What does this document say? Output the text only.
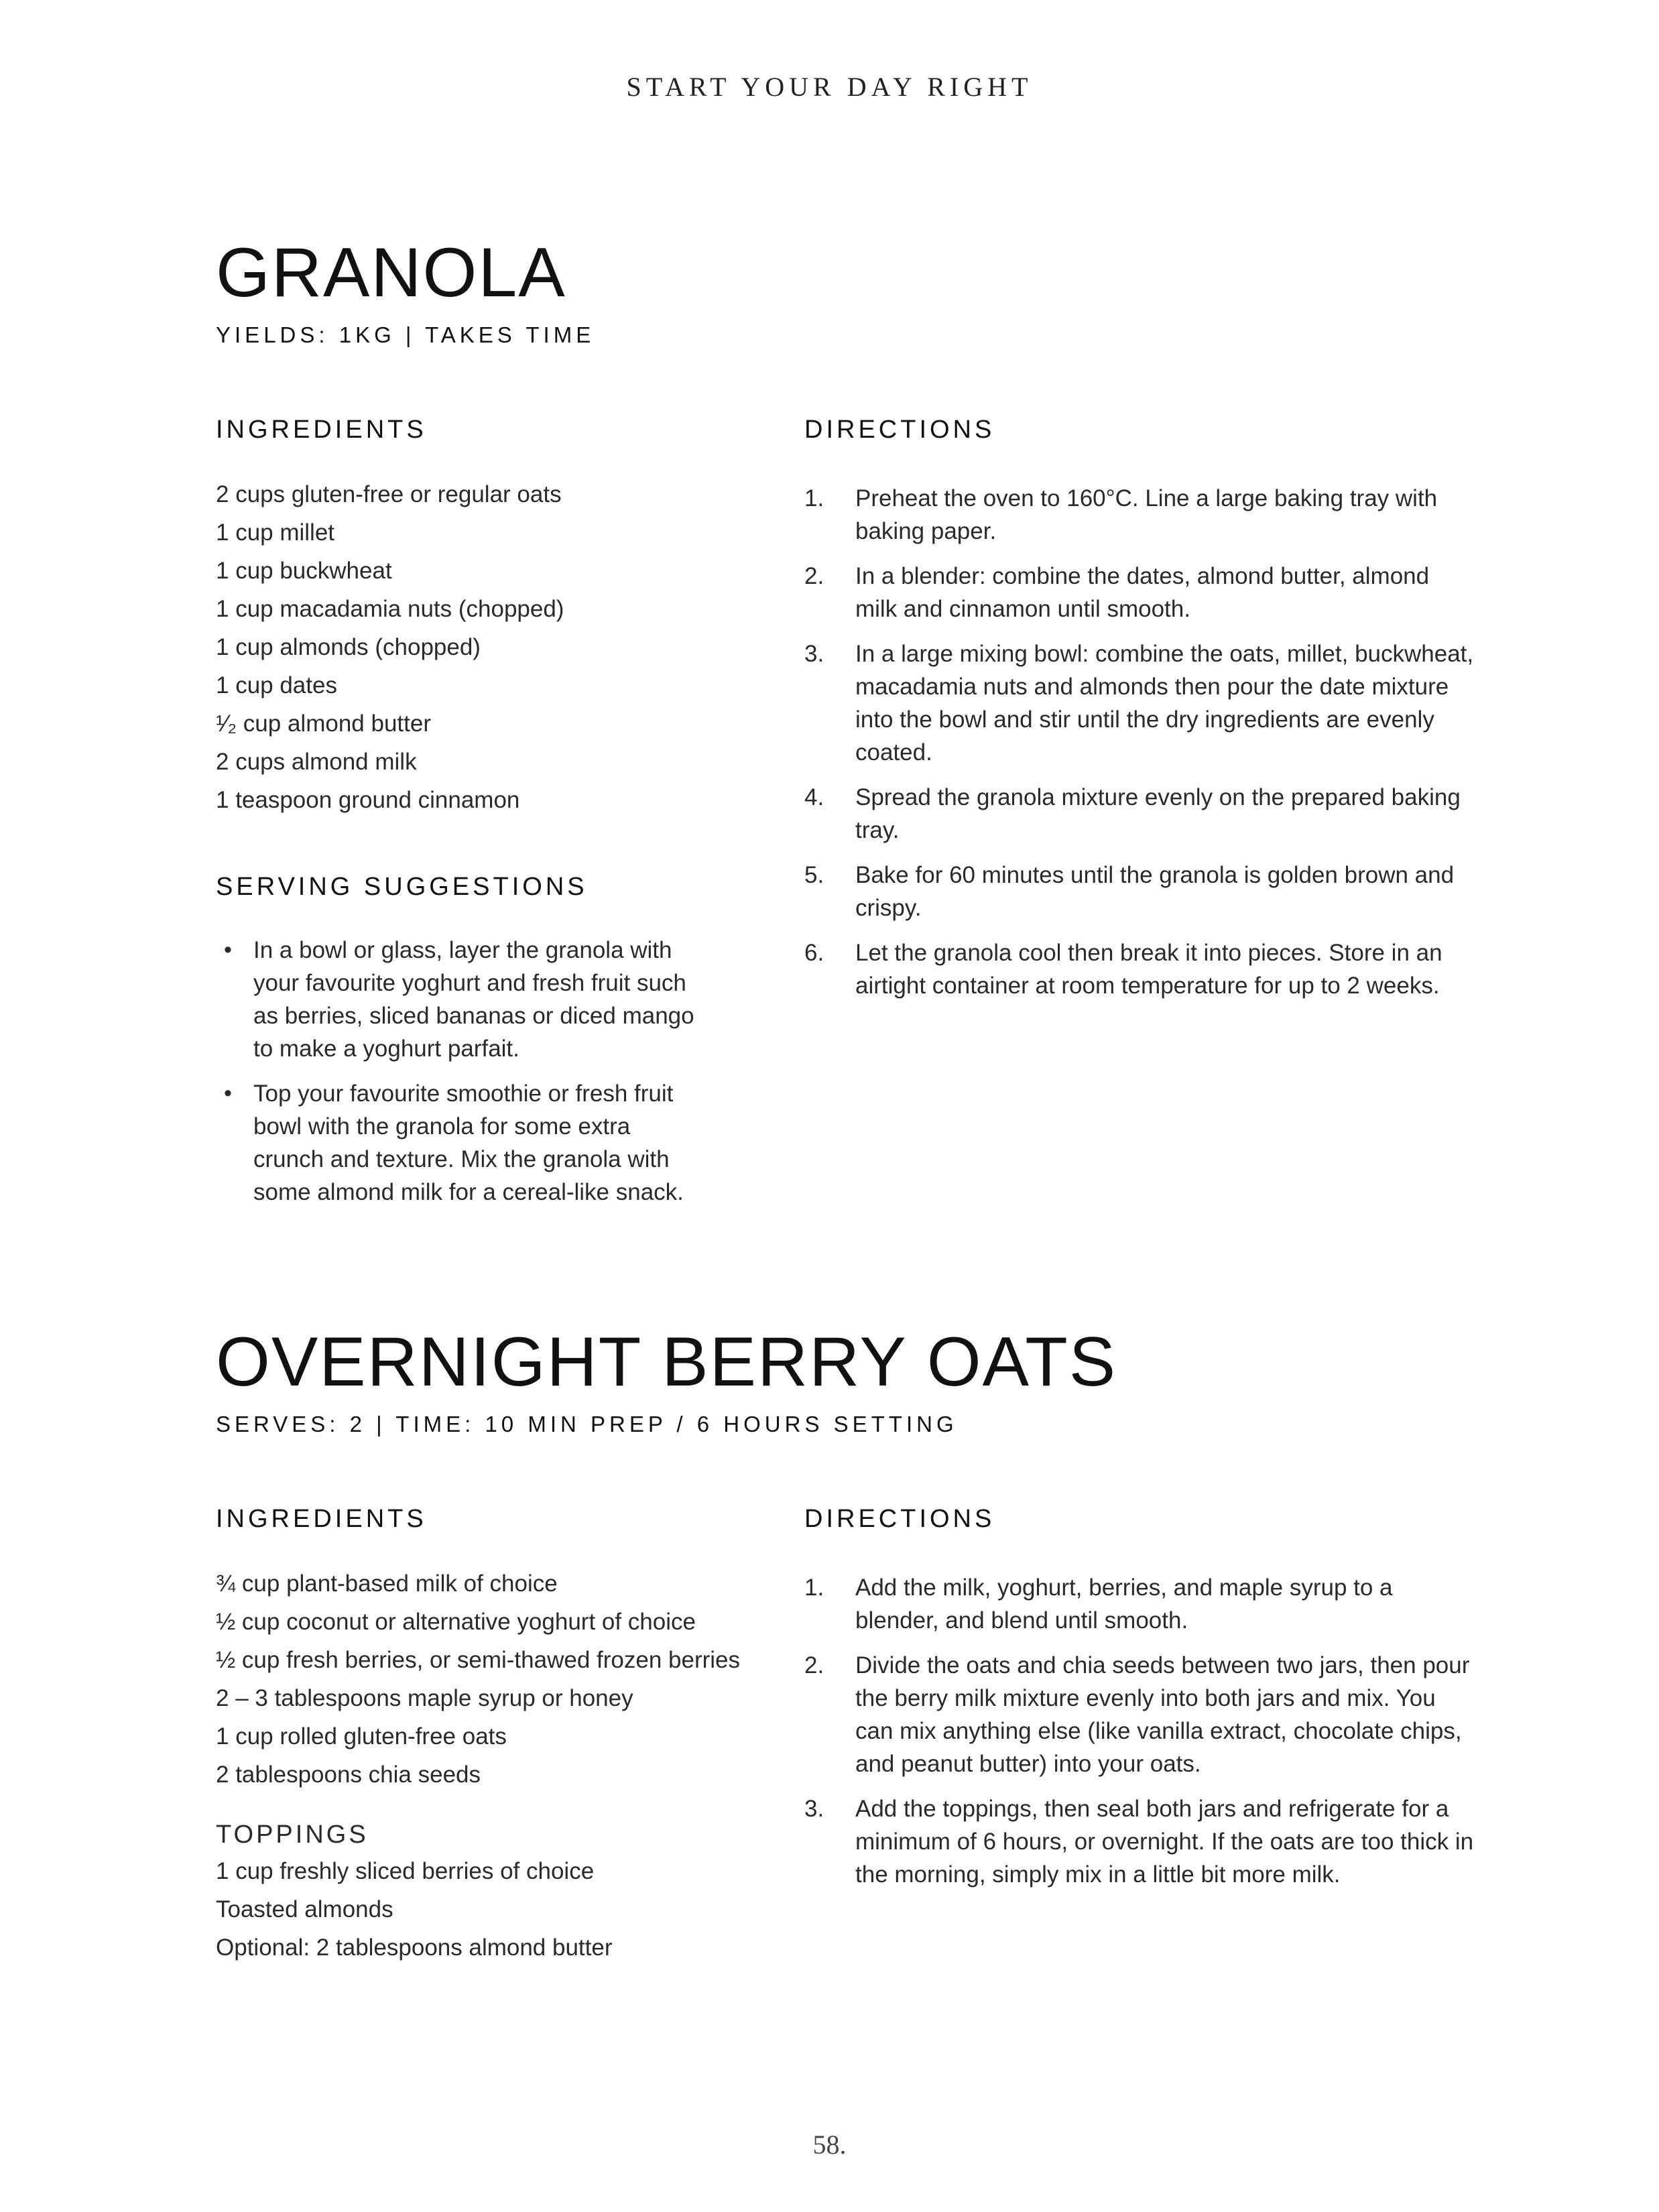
START YOUR DAY RIGHT
GRANOLA
YIELDS: 1KG | TAKES TIME
INGREDIENTS
2 cups gluten-free or regular oats
1 cup millet
1 cup buckwheat
1 cup macadamia nuts (chopped)
1 cup almonds (chopped)
1 cup dates
¹⁄₂ cup almond butter
2 cups almond milk
1 teaspoon ground cinnamon
SERVING SUGGESTIONS
• In a bowl or glass, layer the granola with your favourite yoghurt and fresh fruit such as berries, sliced bananas or diced mango to make a yoghurt parfait.
• Top your favourite smoothie or fresh fruit bowl with the granola for some extra crunch and texture. Mix the granola with some almond milk for a cereal-like snack.
DIRECTIONS
1. Preheat the oven to 160°C. Line a large baking tray with baking paper.
2. In a blender: combine the dates, almond butter, almond milk and cinnamon until smooth.
3. In a large mixing bowl: combine the oats, millet, buckwheat, macadamia nuts and almonds then pour the date mixture into the bowl and stir until the dry ingredients are evenly coated.
4. Spread the granola mixture evenly on the prepared baking tray.
5. Bake for 60 minutes until the granola is golden brown and crispy.
6. Let the granola cool then break it into pieces. Store in an airtight container at room temperature for up to 2 weeks.
OVERNIGHT BERRY OATS
SERVES: 2 | TIME: 10 MIN PREP / 6 HOURS SETTING
INGREDIENTS
¾ cup plant-based milk of choice
½ cup coconut or alternative yoghurt of choice
½ cup fresh berries, or semi-thawed frozen berries
2 – 3 tablespoons maple syrup or honey
1 cup rolled gluten-free oats
2 tablespoons chia seeds
TOPPINGS
1 cup freshly sliced berries of choice
Toasted almonds
Optional: 2 tablespoons almond butter
DIRECTIONS
1. Add the milk, yoghurt, berries, and maple syrup to a blender, and blend until smooth.
2. Divide the oats and chia seeds between two jars, then pour the berry milk mixture evenly into both jars and mix. You can mix anything else (like vanilla extract, chocolate chips, and peanut butter) into your oats.
3. Add the toppings, then seal both jars and refrigerate for a minimum of 6 hours, or overnight. If the oats are too thick in the morning, simply mix in a little bit more milk.
58.
